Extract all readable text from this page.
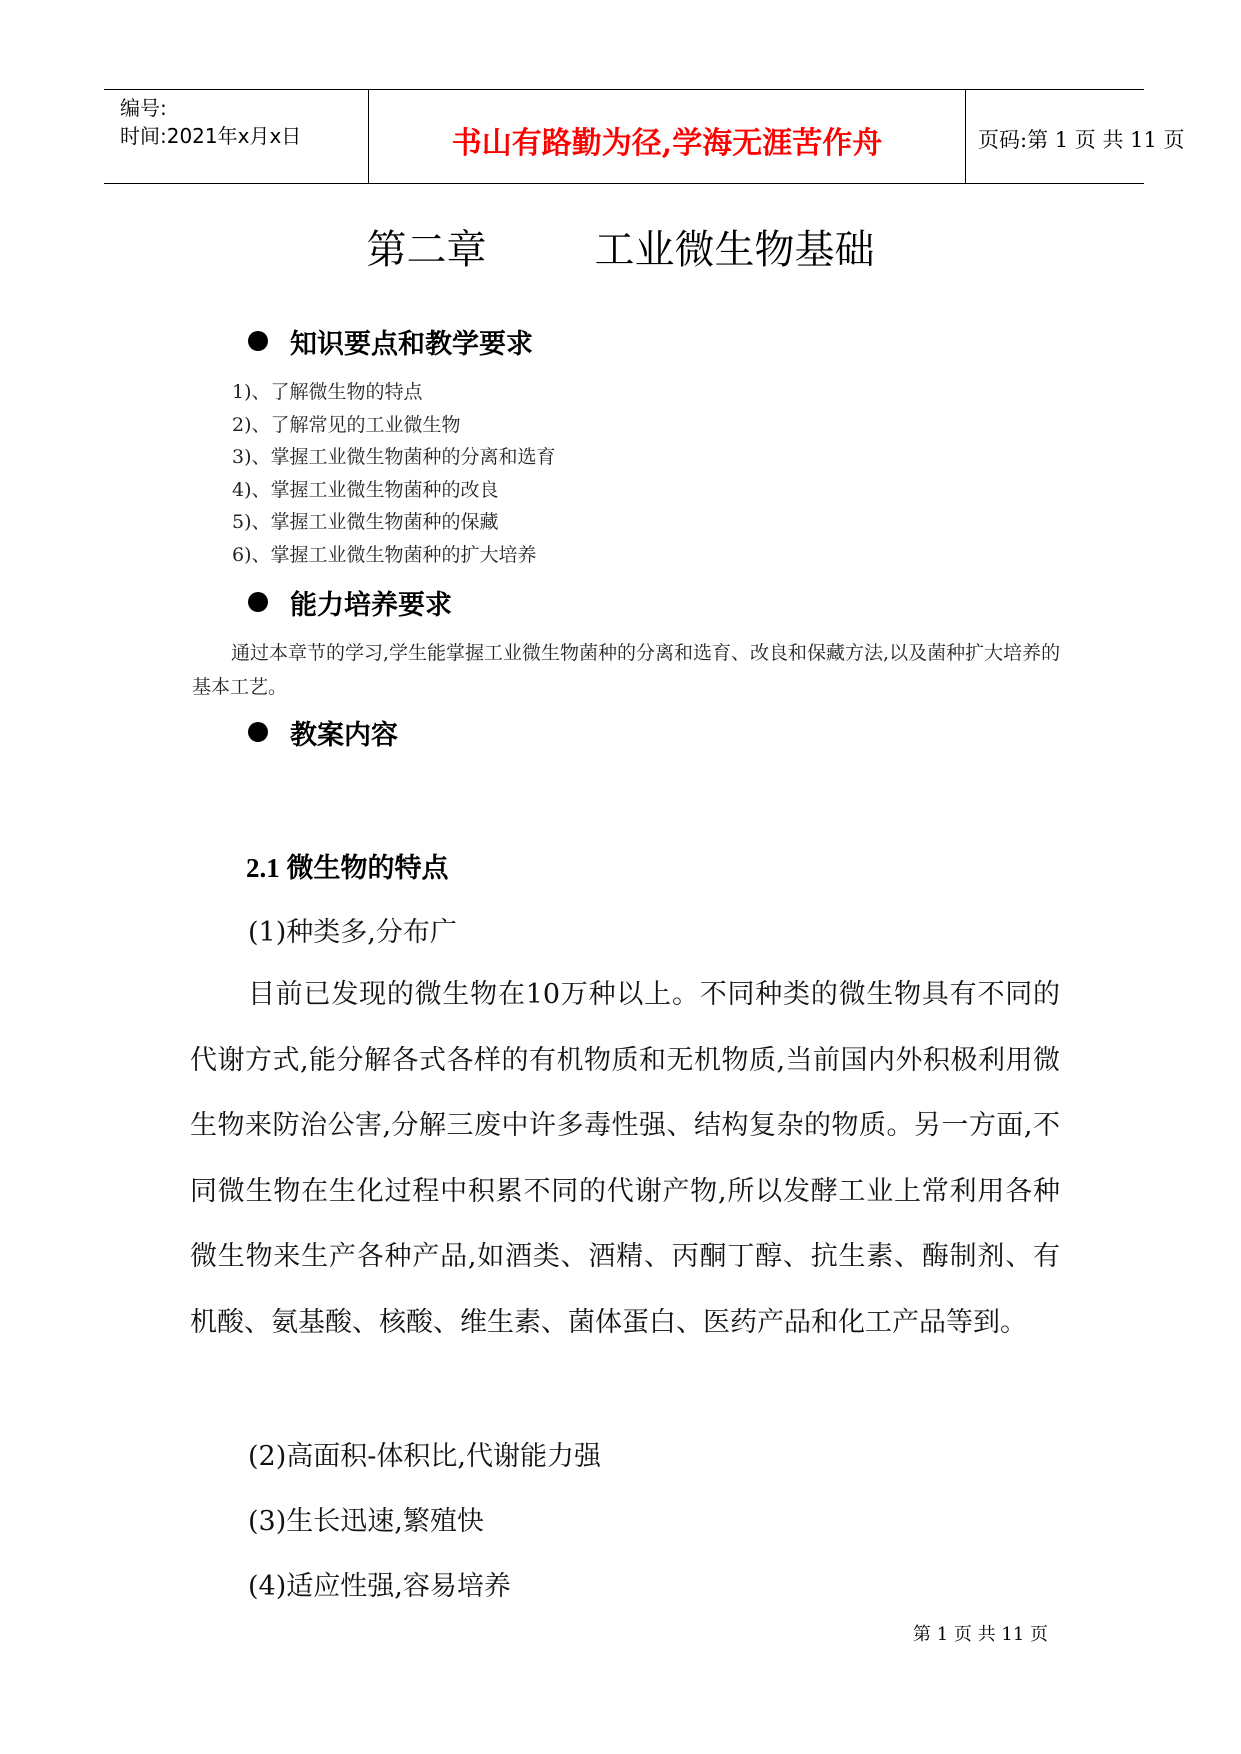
编号:
时间:2021年x月x日	书山有路勤为径,学海无涯苦作舟	页码:第 1 页 共 11 页
第二章	工业微生物基础
知识要点和教学要求
1)、了解微生物的特点
2)、了解常见的工业微生物
3)、掌握工业微生物菌种的分离和选育
4)、掌握工业微生物菌种的改良
5)、掌握工业微生物菌种的保藏
6)、掌握工业微生物菌种的扩大培养
能力培养要求
通过本章节的学习,学生能掌握工业微生物菌种的分离和选育、改良和保藏方法,以及菌种扩大培养的基本工艺。
教案内容
2.1 微生物的特点
(1)种类多,分布广

目前已发现的微生物在10万种以上。不同种类的微生物具有不同的代谢方式,能分解各式各样的有机物质和无机物质,当前国内外积极利用微生物来防治公害,分解三废中许多毒性强、结构复杂的物质。另一方面,不同微生物在生化过程中积累不同的代谢产物,所以发酵工业上常利用各种微生物来生产各种产品,如酒类、酒精、丙酮丁醇、抗生素、酶制剂、有机酸、氨基酸、核酸、维生素、菌体蛋白、医药产品和化工产品等到。

(2)高面积-体积比,代谢能力强
(3)生长迅速,繁殖快
(4)适应性强,容易培养
第 1 页 共 11 页
